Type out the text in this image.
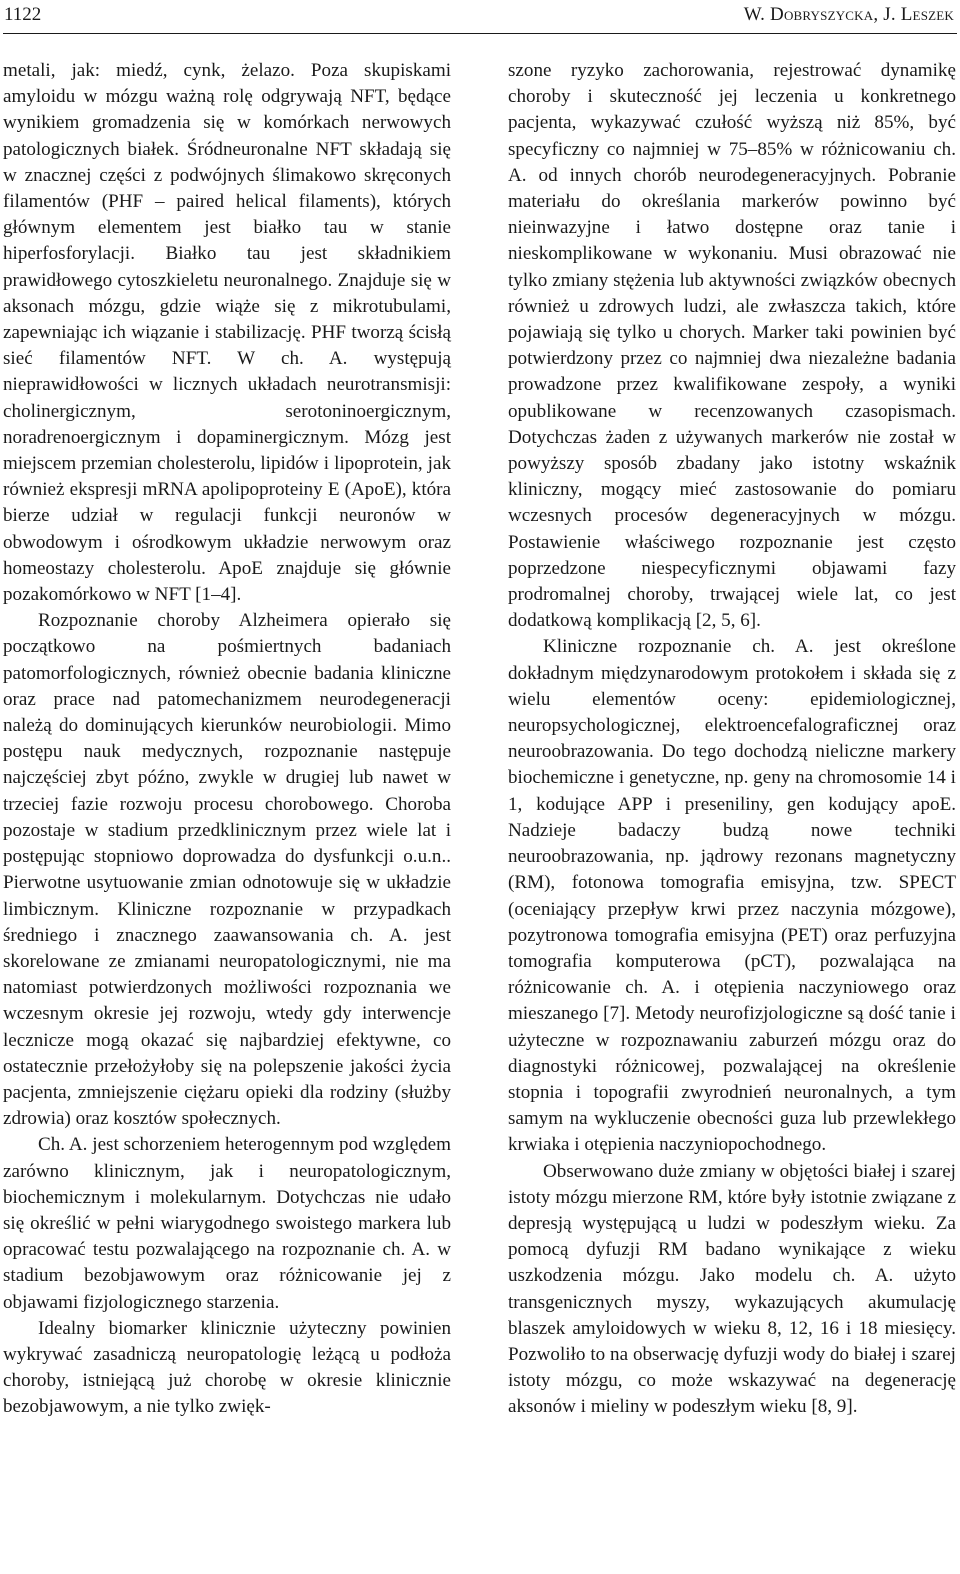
1122	W. Dobryszycka, J. Leszek

metali, jak: miedź, cynk, żelazo. Poza skupiskami amyloidu w mózgu ważną rolę odgrywają NFT, będące wynikiem gromadzenia się w komórkach nerwowych patologicznych białek. Śródneuronalne NFT składają się w znacznej części z podwójnych ślimakowo skręconych filamentów (PHF – paired helical filaments), których głównym elementem jest białko tau w stanie hiperfosforylacji. Białko tau jest składnikiem prawidłowego cytoszkieletu neuronalnego. Znajduje się w aksonach mózgu, gdzie wiąże się z mikrotubulami, zapewniając ich wiązanie i stabilizację. PHF tworzą ścisłą sieć filamentów NFT. W ch. A. występują nieprawidłowości w licznych układach neurotransmisji: cholinergicznym, serotoninoergicznym, noradrenoergicznym i dopaminergicznym. Mózg jest miejscem przemian cholesterolu, lipidów i lipoprotein, jak również ekspresji mRNA apolipoproteiny E (ApoE), która bierze udział w regulacji funkcji neuronów w obwodowym i ośrodkowym układzie nerwowym oraz homeostazy cholesterolu. ApoE znajduje się głównie pozakomórkowo w NFT [1–4].

Rozpoznanie choroby Alzheimera opierało się początkowo na pośmiertnych badaniach patomorfologicznych, również obecnie badania kliniczne oraz prace nad patomechanizmem neurodegeneracji należą do dominujących kierunków neurobiologii. Mimo postępu nauk medycznych, rozpoznanie następuje najczęściej zbyt późno, zwykle w drugiej lub nawet w trzeciej fazie rozwoju procesu chorobowego. Choroba pozostaje w stadium przedklinicznym przez wiele lat i postępując stopniowo doprowadza do dysfunkcji o.u.n.. Pierwotne usytuowanie zmian odnotowuje się w układzie limbicznym. Kliniczne rozpoznanie w przypadkach średniego i znacznego zaawansowania ch. A. jest skorelowane ze zmianami neuropatologicznymi, nie ma natomiast potwierdzonych możliwości rozpoznania we wczesnym okresie jej rozwoju, wtedy gdy interwencje lecznicze mogą okazać się najbardziej efektywne, co ostatecznie przełożyłoby się na polepszenie jakości życia pacjenta, zmniejszenie ciężaru opieki dla rodziny (służby zdrowia) oraz kosztów społecznych.

Ch. A. jest schorzeniem heterogennym pod względem zarówno klinicznym, jak i neuropatologicznym, biochemicznym i molekularnym. Dotychczas nie udało się określić w pełni wiarygodnego swoistego markera lub opracować testu pozwalającego na rozpoznanie ch. A. w stadium bezobjawowym oraz różnicowanie jej z objawami fizjologicznego starzenia.

Idealny biomarker klinicznie użyteczny powinien wykrywać zasadniczą neuropatologię leżącą u podłoża choroby, istniejącą już chorobę w okresie klinicznie bezobjawowym, a nie tylko zwięk-

szone ryzyko zachorowania, rejestrować dynamikę choroby i skuteczność jej leczenia u konkretnego pacjenta, wykazywać czułość wyższą niż 85%, być specyficzny co najmniej w 75–85% w różnicowaniu ch. A. od innych chorób neurodegeneracyjnych. Pobranie materiału do określania markerów powinno być nieinwazyjne i łatwo dostępne oraz tanie i nieskomplikowane w wykonaniu. Musi obrazować nie tylko zmiany stężenia lub aktywności związków obecnych również u zdrowych ludzi, ale zwłaszcza takich, które pojawiają się tylko u chorych. Marker taki powinien być potwierdzony przez co najmniej dwa niezależne badania prowadzone przez kwalifikowane zespoły, a wyniki opublikowane w recenzowanych czasopismach. Dotychczas żaden z używanych markerów nie został w powyższy sposób zbadany jako istotny wskaźnik kliniczny, mogący mieć zastosowanie do pomiaru wczesnych procesów degeneracyjnych w mózgu. Postawienie właściwego rozpoznanie jest często poprzedzone niespecyficznymi objawami fazy prodromalnej choroby, trwającej wiele lat, co jest dodatkową komplikacją [2, 5, 6].

Kliniczne rozpoznanie ch. A. jest określone dokładnym międzynarodowym protokołem i składa się z wielu elementów oceny: epidemiologicznej, neuropsychologicznej, elektroencefalograficznej oraz neuroobrazowania. Do tego dochodzą nieliczne markery biochemiczne i genetyczne, np. geny na chromosomie 14 i 1, kodujące APP i preseniliny, gen kodujący apoE. Nadzieje badaczy budzą nowe techniki neuroobrazowania, np. jądrowy rezonans magnetyczny (RM), fotonowa tomografia emisyjna, tzw. SPECT (oceniający przepływ krwi przez naczynia mózgowe), pozytronowa tomografia emisyjna (PET) oraz perfuzyjna tomografia komputerowa (pCT), pozwalająca na różnicowanie ch. A. i otępienia naczyniowego oraz mieszanego [7]. Metody neurofizjologiczne są dość tanie i użyteczne w rozpoznawaniu zaburzeń mózgu oraz do diagnostyki różnicowej, pozwalającej na określenie stopnia i topografii zwyrodnień neuronalnych, a tym samym na wykluczenie obecności guza lub przewlekłego krwiaka i otępienia naczyniopochodnego.

Obserwowano duże zmiany w objętości białej i szarej istoty mózgu mierzone RM, które były istotnie związane z depresją występującą u ludzi w podeszłym wieku. Za pomocą dyfuzji RM badano wynikające z wieku uszkodzenia mózgu. Jako modelu ch. A. użyto transgenicznych myszy, wykazujących akumulację blaszek amyloidowych w wieku 8, 12, 16 i 18 miesięcy. Pozwoliło to na obserwację dyfuzji wody do białej i szarej istoty mózgu, co może wskazywać na degenerację aksonów i mieliny w podeszłym wieku [8, 9].
